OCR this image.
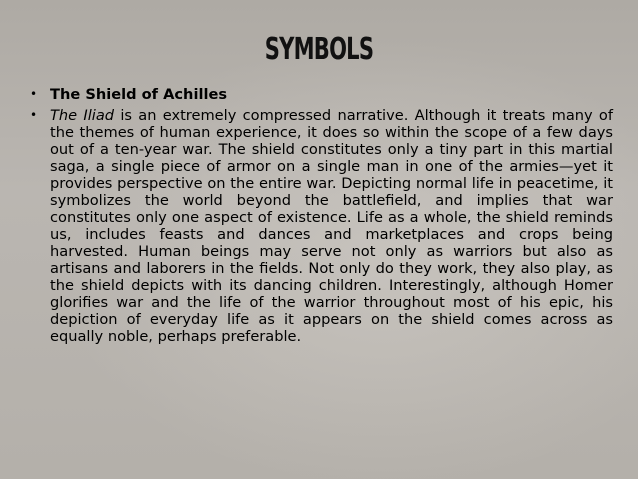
SYMBOLS
• The Shield of Achilles
• The Iliad is an extremely compressed narrative. Although it treats many of the themes of human experience, it does so within the scope of a few days out of a ten-year war. The shield constitutes only a tiny part in this martial saga, a single piece of armor on a single man in one of the armies—yet it provides perspective on the entire war. Depicting normal life in peacetime, it symbolizes the world beyond the battlefield, and implies that war constitutes only one aspect of existence. Life as a whole, the shield reminds us, includes feasts and dances and marketplaces and crops being harvested. Human beings may serve not only as warriors but also as artisans and laborers in the fields. Not only do they work, they also play, as the shield depicts with its dancing children. Interestingly, although Homer glorifies war and the life of the warrior throughout most of his epic, his depiction of everyday life as it appears on the shield comes across as equally noble, perhaps preferable.
